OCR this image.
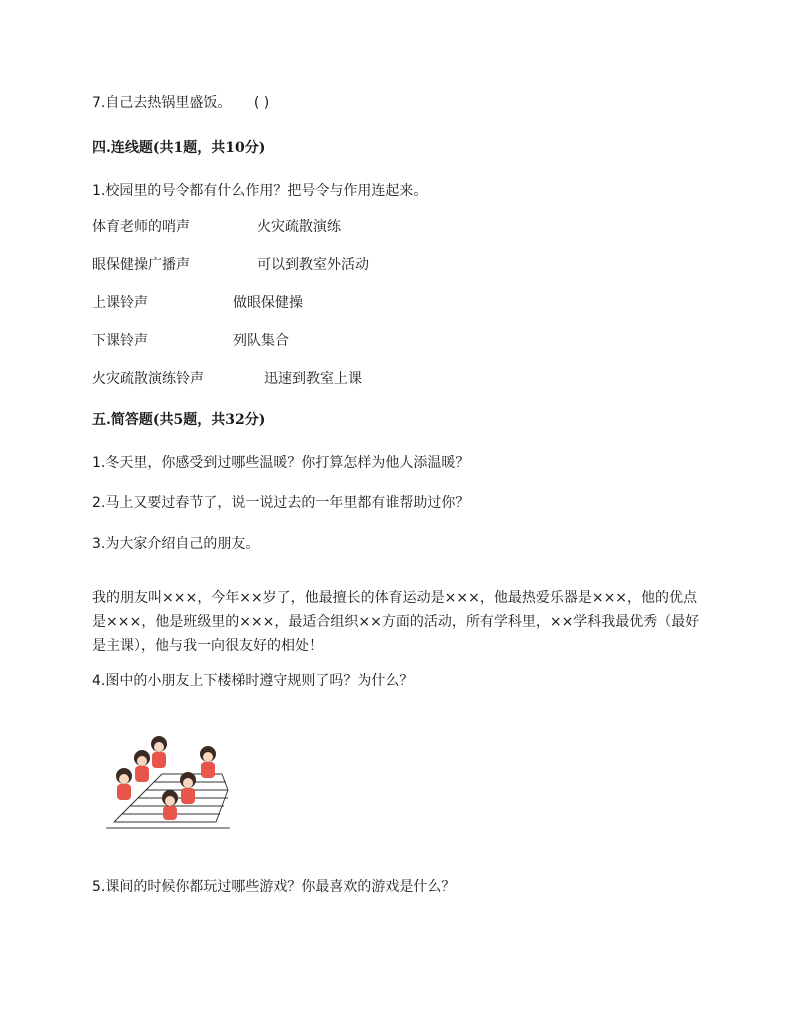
7.自己去热锅里盛饭。 ( )
四.连线题(共1题，共10分)
1.校园里的号令都有什么作用？把号令与作用连起来。
体育老师的哨声	火灾疏散演练
眼保健操广播声	可以到教室外活动
上课铃声	做眼保健操
下课铃声	列队集合
火灾疏散演练铃声	迅速到教室上课
五.简答题(共5题，共32分)
1.冬天里，你感受到过哪些温暖？你打算怎样为他人添温暖？
2.马上又要过春节了，说一说过去的一年里都有谁帮助过你？
3.为大家介绍自己的朋友。
我的朋友叫×××，今年××岁了，他最擅长的体育运动是×××，他最热爱乐器是×××，他的优点是×××，他是班级里的×××，最适合组织××方面的活动，所有学科里，××学科我最优秀（最好是主课），他与我一向很友好的相处！
4.图中的小朋友上下楼梯时遵守规则了吗？为什么？
5.课间的时候你都玩过哪些游戏？你最喜欢的游戏是什么？
